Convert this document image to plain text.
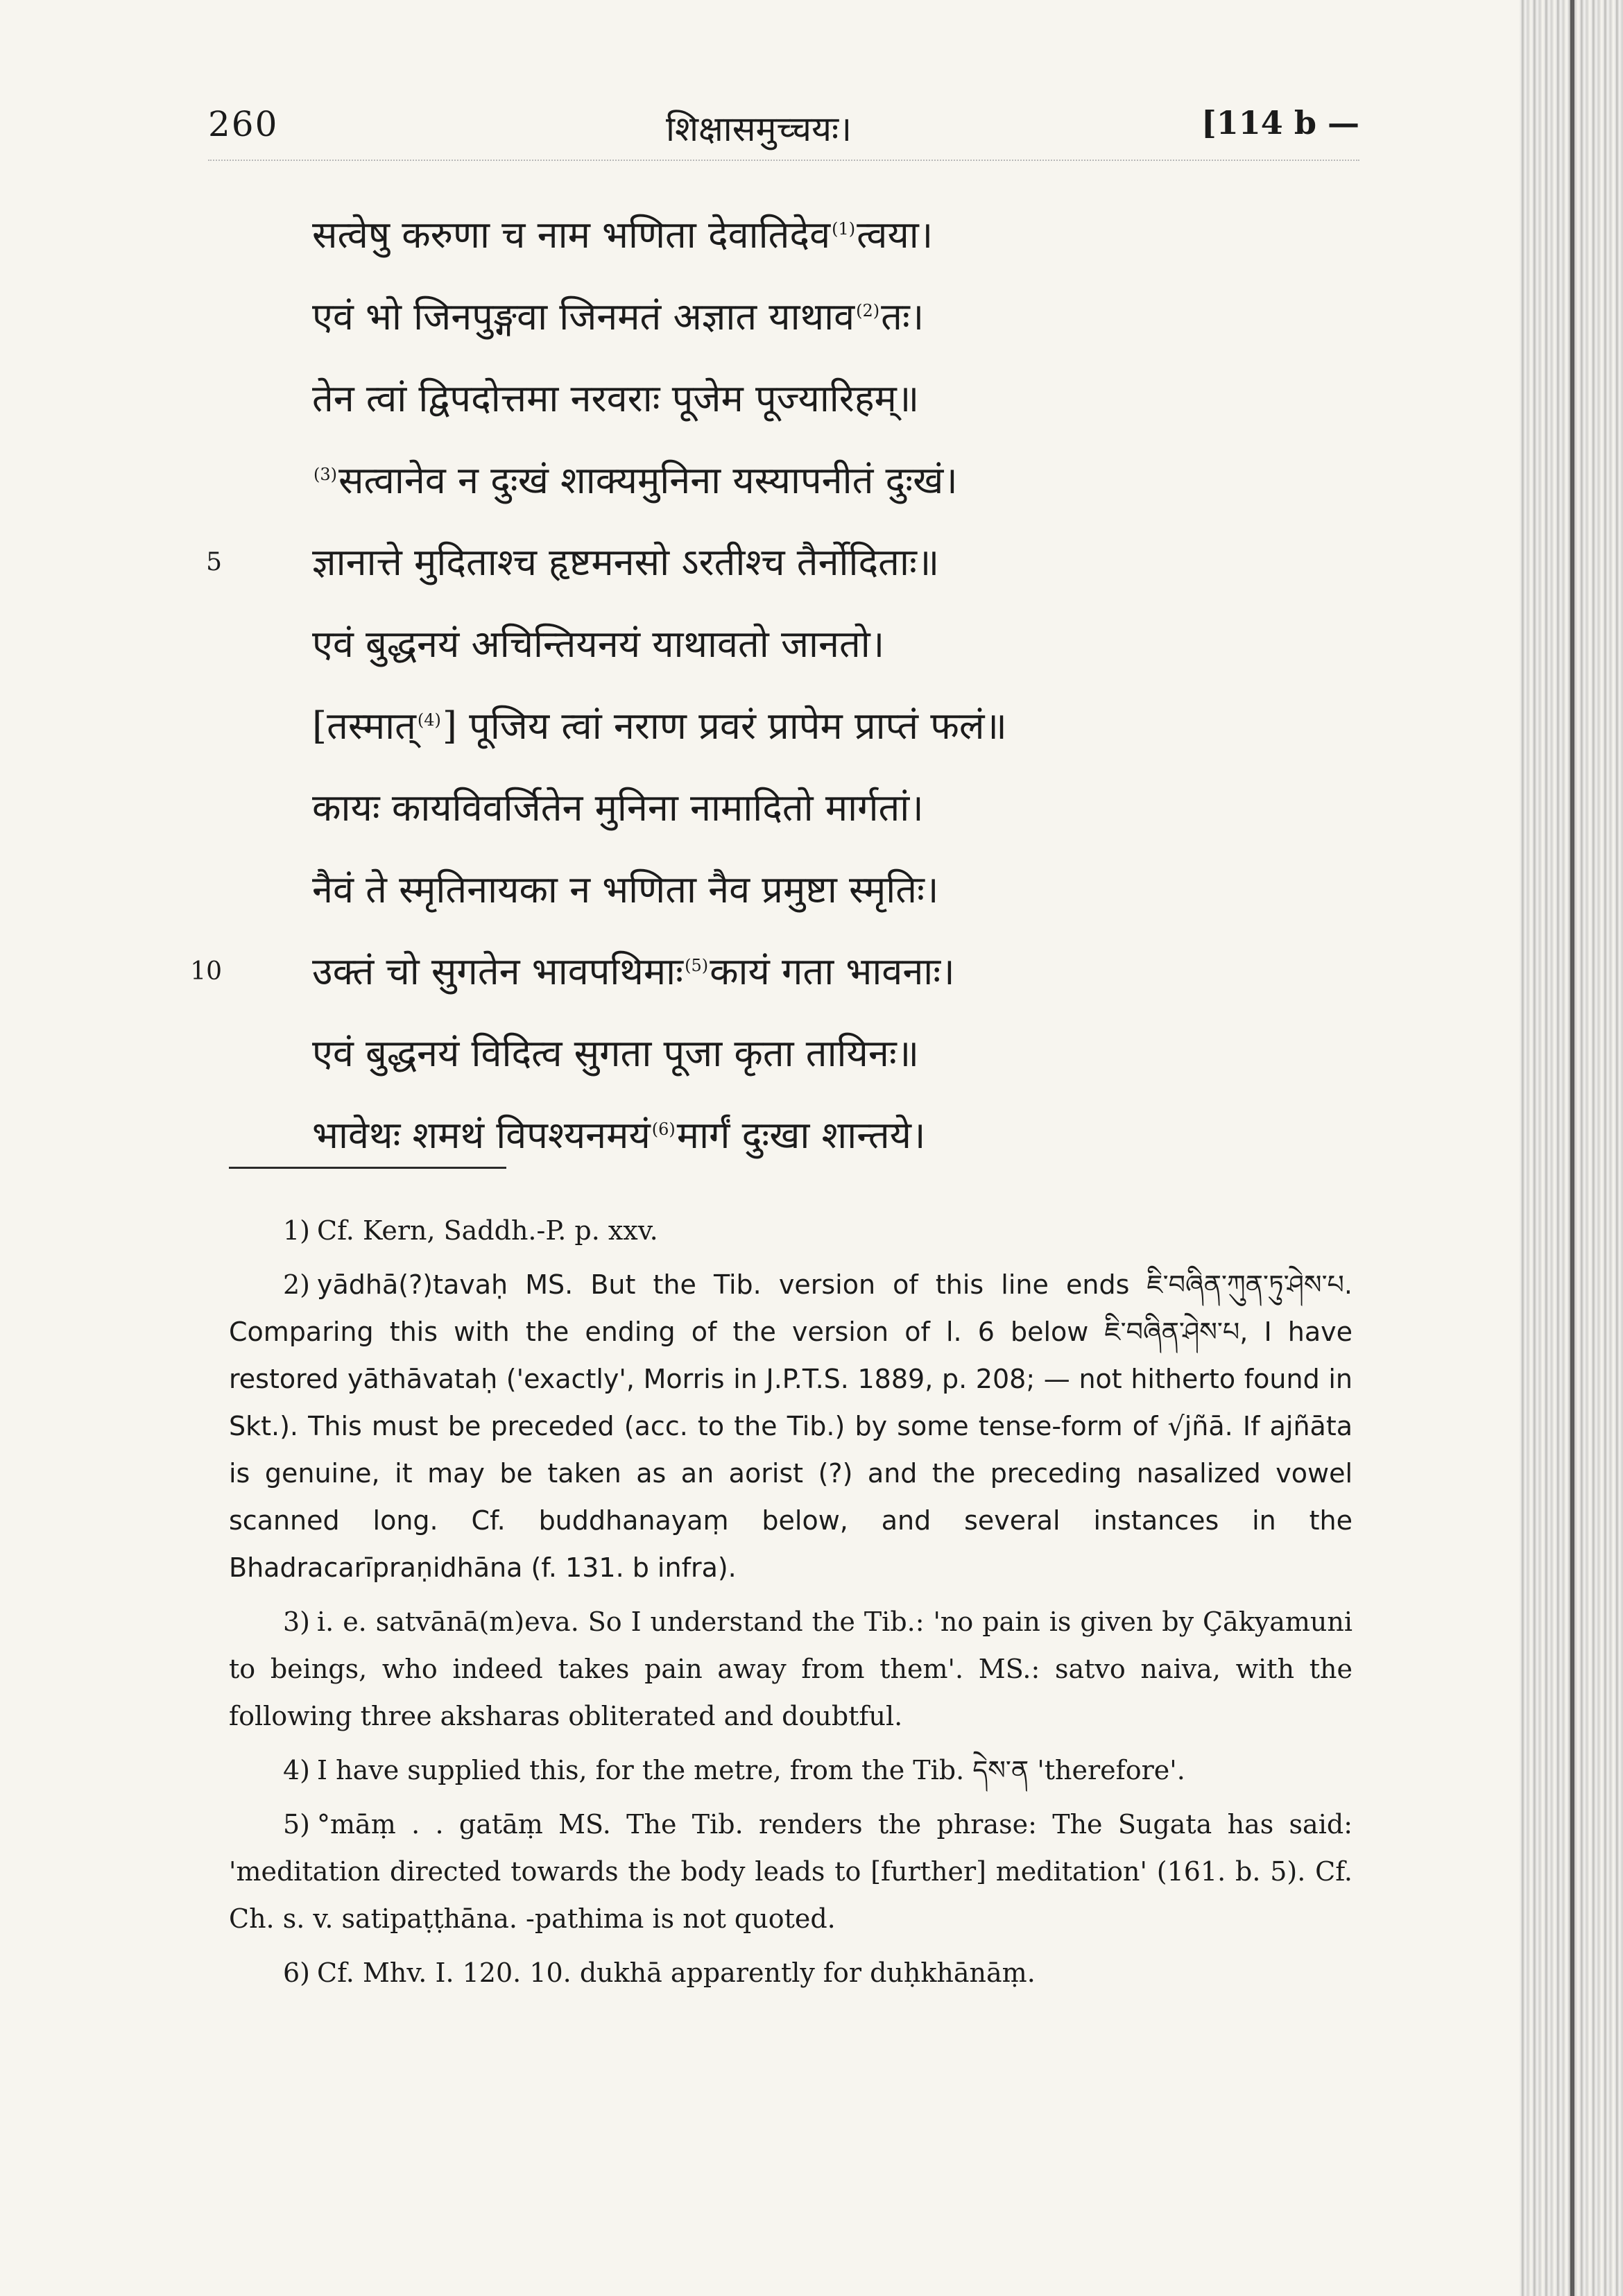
260	शिक्षासमुच्चयः।	[114 b —
सत्वेषु करुणा च नाम भणिता देवातिदेव$^{(1)}$त्वया।
एवं भो जिनपुङ्गवा जिनमतं अज्ञात याथाव$^{(2)}$तः।
तेन त्वां द्विपदोत्तमा नरवराः पूजेम पूज्यारिहम्॥
$^{(3)}$सत्वानेव न दुःखं शाक्यमुनिना यस्यापनीतं दुःखं।
5 ज्ञानात्ते मुदिताश्च हृष्टमनसो ऽरतीश्च तैर्नोदिताः॥
एवं बुद्धनयं अचिन्तियनयं याथावतो जानतो।
[तस्मात्$^{(4)}$] पूजिय त्वां नराण प्रवरं प्रापेम प्राप्तं फलं॥
कायः कायविवर्जितेन मुनिना नामादितो मार्गतां।
नैवं ते स्मृतिनायका न भणिता नैव प्रमुष्टा स्मृतिः।
10 उक्तं चो सुगतेन भावपथिमाः$^{(5)}$कायं गता भावनाः।
एवं बुद्धनयं विदित्व सुगता पूजा कृता तायिनः॥
भावेथः शमथं विपश्यनमयं$^{(6)}$मार्गं दुःखा शान्तये।

1) Cf. Kern, Saddh.-P. p. xxv.

2) yādhā(?)tavaḥ MS. But the Tib. version of this line ends ཇི་བཞིན་ཀུན་ཏུ་ཤེས་པ. Comparing this with the ending of the version of l. 6 below ཇི་བཞིན་ཤེས་པ, I have restored yāthāvataḥ ('exactly', Morris in J.P.T.S. 1889, p. 208; — not hitherto found in Skt.). This must be preceded (acc. to the Tib.) by some tense-form of √jñā. If ajñāta is genuine, it may be taken as an aorist (?) and the preceding nasalized vowel scanned long. Cf. buddhanayaṃ below, and several instances in the Bhadracarīpraṇidhāna (f. 131. b infra).

3) i. e. satvānā(m)eva. So I understand the Tib.: 'no pain is given by Çākyamuni to beings, who indeed takes pain away from them'. MS.: satvo naiva, with the following three aksharas obliterated and doubtful.

4) I have supplied this, for the metre, from the Tib. དེས་ན 'therefore'.

5) °māṃ . . gatāṃ MS. The Tib. renders the phrase: The Sugata has said: 'meditation directed towards the body leads to [further] meditation' (161. b. 5). Cf. Ch. s. v. satipaṭṭhāna. -pathima is not quoted.

6) Cf. Mhv. I. 120. 10. dukhā apparently for duḥkhānāṃ.
